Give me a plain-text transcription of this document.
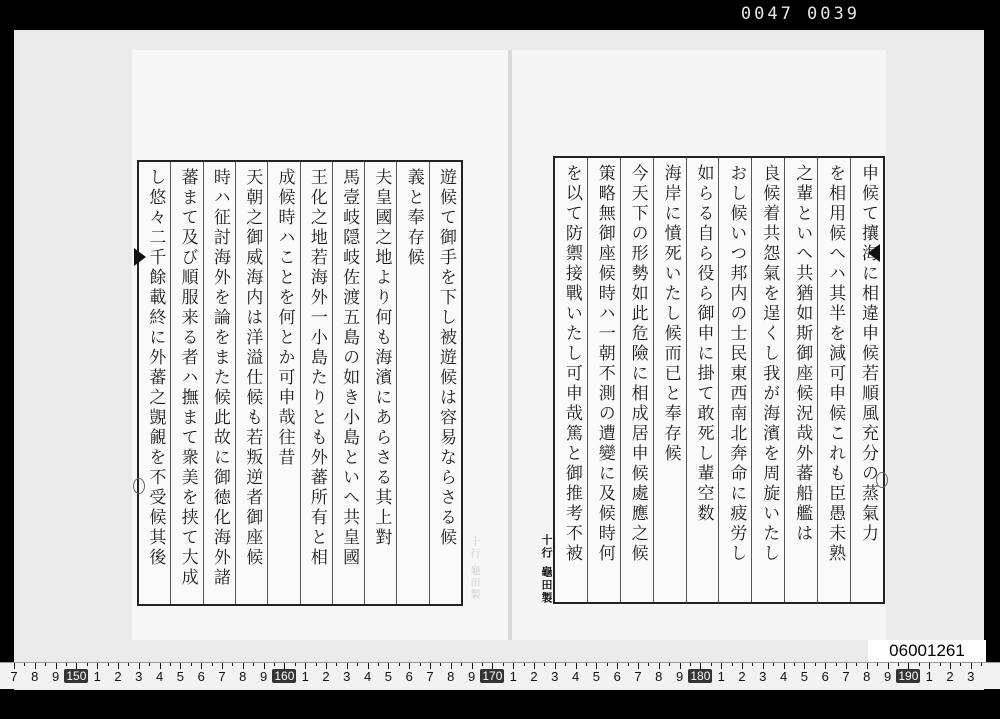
0047 0039
遊候て御手を下し被遊候は容易ならさる候
義と奉存候
夫皇國之地より何も海濱にあらさる其上對
馬壹岐隠岐佐渡五島の如き小島といへ共皇國
王化之地若海外一小島たりとも外蕃所有と相
成候時ハことを何とか可申哉往昔
天朝之御威海内は洋溢仕候も若叛逆者御座候
時ハ征討海外を論をまた候此故に御徳化海外諸
蕃まて及び順服来る者ハ撫まて衆美を挟て大成
し悠々二千餘載終に外蕃之覬覦を不受候其後	申候て攘海に相違申候若順風充分の蒸氣力
を相用候へハ其半を減可申候これも臣愚未熟
之輩といへ共猶如斯御座候況哉外蕃船艦は
良候着共怨氣を逞くし我が海濱を周旋いたし
おし候いつ邦内の士民東西南北奔命に疲労し
如らる自ら役ら御申に掛て敢死し輩空数
海岸に憤死いたし候而已と奉存候
今天下の形勢如此危險に相成居申候處應之候
策略無御座候時ハ一朝不測の遭變に及候時何
を以て防禦接戰いたし可申哉篤と御推考不被
十行 龜田製	十行 龜田製
06001261
7 8 9 150 1 2 3 4 5 6 7 8 9 160 1 2 3 4 5 6 7 8 9 170 1 2 3 4 5 6 7 8 9 180 1 2 3 4 5 6 7 8 9 190 1 2 3
